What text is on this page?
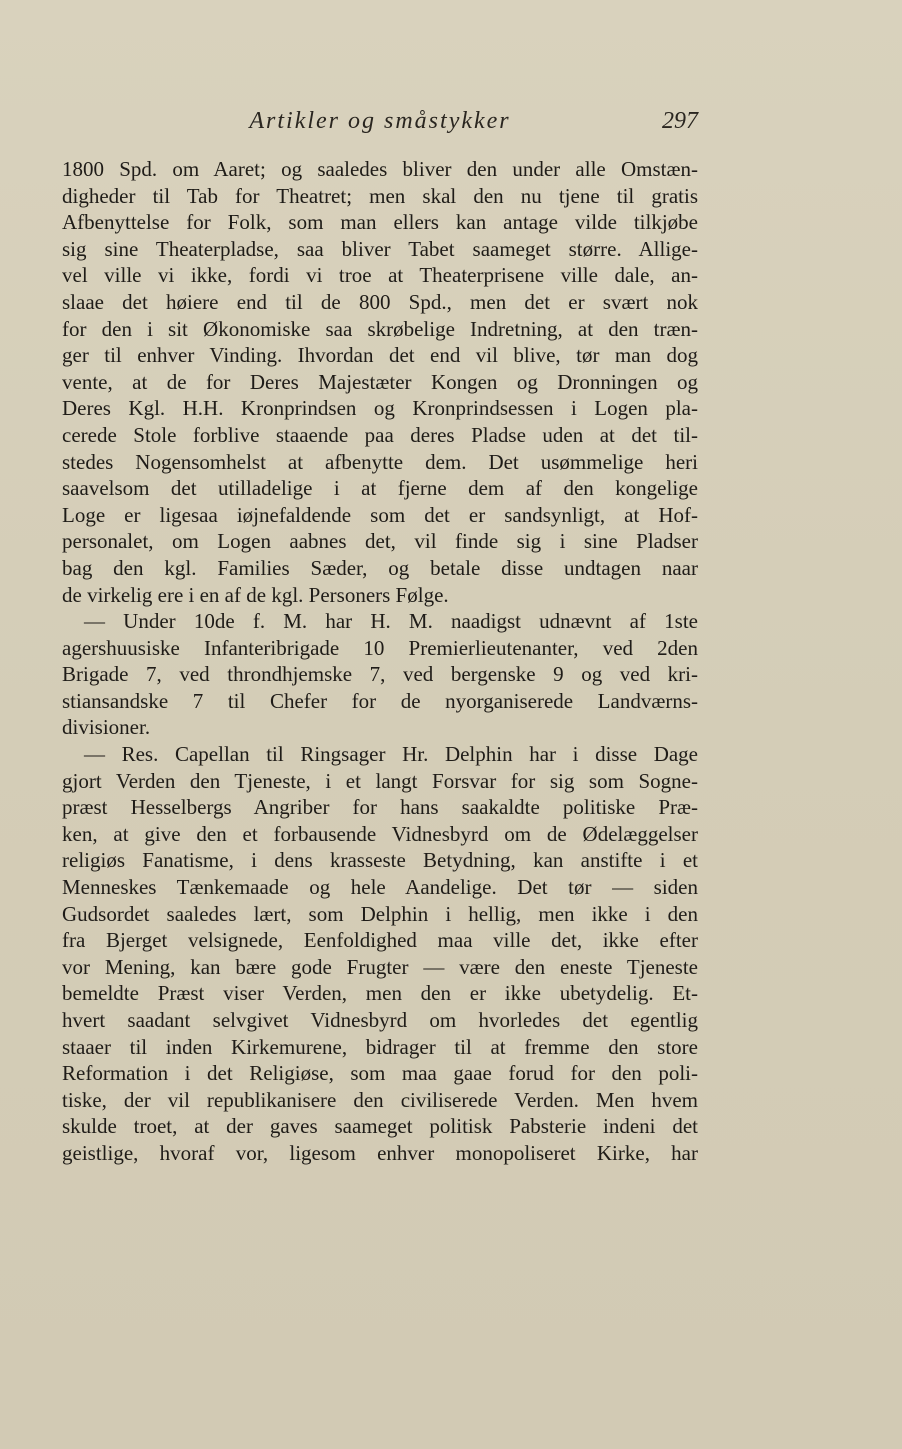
Artikler og småstykker	297
1800 Spd. om Aaret; og saaledes bliver den under alle Omstæn-
digheder til Tab for Theatret; men skal den nu tjene til gratis
Afbenyttelse for Folk, som man ellers kan antage vilde tilkjøbe
sig sine Theaterpladse, saa bliver Tabet saameget større. Allige-
vel ville vi ikke, fordi vi troe at Theaterprisene ville dale, an-
slaae det høiere end til de 800 Spd., men det er svært nok
for den i sit Økonomiske saa skrøbelige Indretning, at den træn-
ger til enhver Vinding. Ihvordan det end vil blive, tør man dog
vente, at de for Deres Majestæter Kongen og Dronningen og
Deres Kgl. H.H. Kronprindsen og Kronprindsessen i Logen pla-
cerede Stole forblive staaende paa deres Pladse uden at det til-
stedes Nogensomhelst at afbenytte dem. Det usømmelige heri
saavelsom det utilladelige i at fjerne dem af den kongelige
Loge er ligesaa iøjnefaldende som det er sandsynligt, at Hof-
personalet, om Logen aabnes det, vil finde sig i sine Pladser
bag den kgl. Families Sæder, og betale disse undtagen naar
de virkelig ere i en af de kgl. Personers Følge.
— Under 10de f. M. har H. M. naadigst udnævnt af 1ste
agershuusiske Infanteribrigade 10 Premierlieutenanter, ved 2den
Brigade 7, ved throndhjemske 7, ved bergenske 9 og ved kri-
stiansandske 7 til Chefer for de nyorganiserede Landværns-
divisioner.
— Res. Capellan til Ringsager Hr. Delphin har i disse Dage
gjort Verden den Tjeneste, i et langt Forsvar for sig som Sogne-
præst Hesselbergs Angriber for hans saakaldte politiske Præ-
ken, at give den et forbausende Vidnesbyrd om de Ødelæggelser
religiøs Fanatisme, i dens krasseste Betydning, kan anstifte i et
Menneskes Tænkemaade og hele Aandelige. Det tør — siden
Gudsordet saaledes lært, som Delphin i hellig, men ikke i den
fra Bjerget velsignede, Eenfoldighed maa ville det, ikke efter
vor Mening, kan bære gode Frugter — være den eneste Tjeneste
bemeldte Præst viser Verden, men den er ikke ubetydelig. Et-
hvert saadant selvgivet Vidnesbyrd om hvorledes det egentlig
staaer til inden Kirkemurene, bidrager til at fremme den store
Reformation i det Religiøse, som maa gaae forud for den poli-
tiske, der vil republikanisere den civiliserede Verden. Men hvem
skulde troet, at der gaves saameget politisk Pabsterie indeni det
geistlige, hvoraf vor, ligesom enhver monopoliseret Kirke, har
